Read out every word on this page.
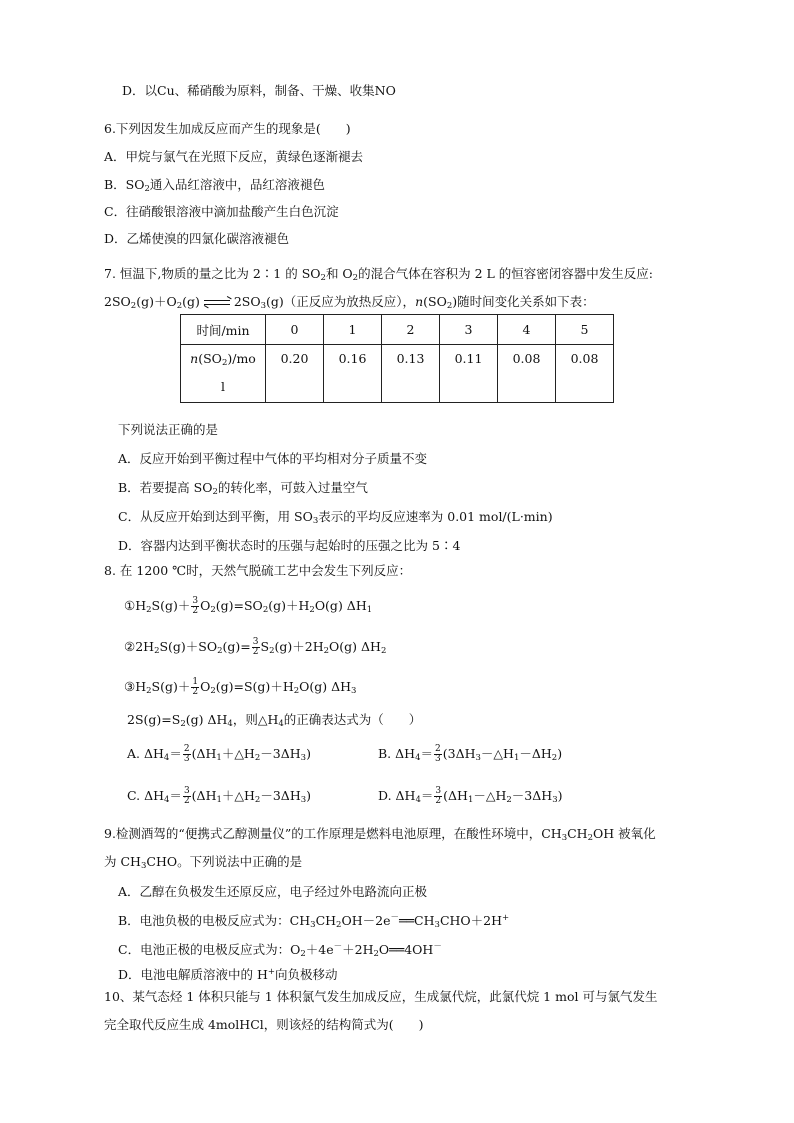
D．以Cu、稀硝酸为原料，制备、干燥、收集NO
6.下列因发生加成反应而产生的现象是(　　)
A．甲烷与氯气在光照下反应，黄绿色逐渐褪去
B．$SO_2$通入品红溶液中，品红溶液褪色
C．往硝酸银溶液中滴加盐酸产生白色沉淀
D．乙烯使溴的四氯化碳溶液褪色
7. 恒温下,物质的量之比为 2∶1 的 $SO_2$和 $O_2$的混合气体在容积为 2 L 的恒容密闭容器中发生反应:
$2SO_2(g)+O_2(g)$	$2SO_3(g)$（正反应为放热反应），$n(SO_2)$随时间变化关系如下表：
时间/min	0	1	2	3	4	5
$n(SO_2)/mo$
l	0.20	0.16	0.13	0.11	0.08	0.08
下列说法正确的是
A．反应开始到平衡过程中气体的平均相对分子质量不变
B．若要提高 $SO_2$的转化率，可鼓入过量空气
C．从反应开始到达到平衡，用 $SO_3$表示的平均反应速率为 0.01 mol/(L·min)
D．容器内达到平衡状态时的压强与起始时的压强之比为 5∶4
8. 在 1200 ℃时，天然气脱硫工艺中会发生下列反应：
$①H_2S(g)+ \frac{3}{2} O_2(g)=SO_2(g)+H_2O(g)$ $\Delta H_1$
$②2H_2S(g)+SO_2(g)= \frac{3}{2} S_2(g)+2H_2O(g)$ $\Delta H_2$
$③H_2S(g)+ \frac{1}{2} O_2(g)=S(g)+H_2O(g)$ $\Delta H_3$
$2S(g)=S_2(g)$ $\Delta H_4$，则$\triangle H_4$的正确表达式为（　　）
A. $\Delta H_4= \frac{2}{3}$ $(\Delta H_1+\triangle H_2-3\Delta H_3)$	B. $\Delta H_4= \frac{2}{3}$ $(3\Delta H_3-\triangle H_1-\Delta H_2)$
C. $\Delta H_4= \frac{3}{2}$ $(\Delta H_1+\triangle H_2-3\Delta H_3)$	D. $\Delta H_4= \frac{3}{2}$ $(\Delta H_1-\triangle H_2-3\Delta H_3)$
9.检测酒驾的“便携式乙醇测量仪”的工作原理是燃料电池原理，在酸性环境中，$CH_3CH_2OH$ 被氧化
为 $CH_3CHO$。下列说法中正确的是
A．乙醇在负极发生还原反应，电子经过外电路流向正极
B．电池负极的电极反应式为：$CH_3CH_2OH-2e^-══CH_3CHO+2H^+$
C．电池正极的电极反应式为：$O_2+4e^-+2H_2O══4OH^-$
D．电池电解质溶液中的 H+向负极移动
10、某气态烃 1 体积只能与 1 体积氯气发生加成反应，生成氯代烷，此氯代烷 1 mol 可与氯气发生
完全取代反应生成 4molHCl，则该烃的结构简式为(　　)
